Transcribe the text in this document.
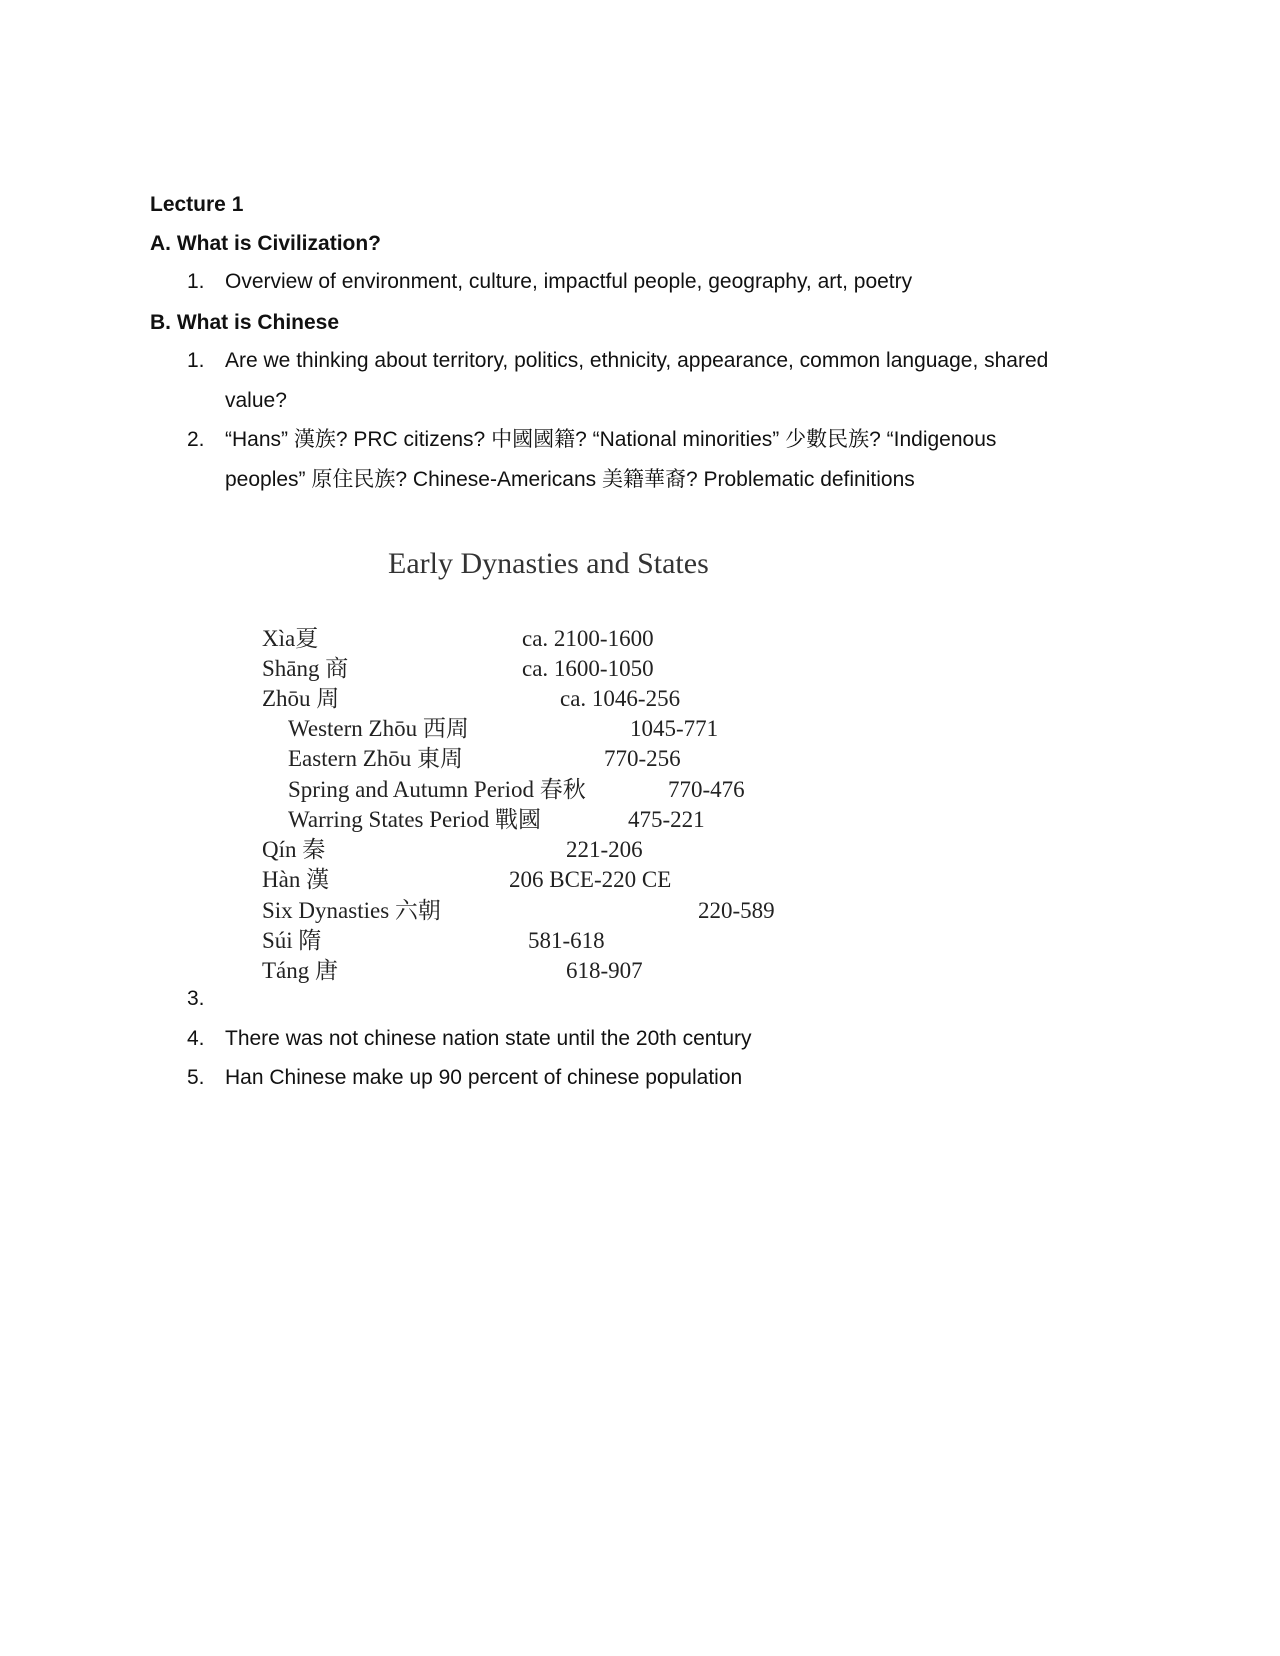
Lecture 1
A. What is Civilization?
1. Overview of environment, culture, impactful people, geography, art, poetry
B. What is Chinese
1. Are we thinking about territory, politics, ethnicity, appearance, common language, shared
value?
2. “Hans” 漢族? PRC citizens? 中國國籍? “National minorities” 少數民族? “Indigenous
peoples” 原住民族? Chinese-Americans 美籍華裔? Problematic definitions
Early Dynasties and States
Xìa夏	ca. 2100-1600
Shāng 商	ca. 1600-1050
Zhōu 周	ca. 1046-256
Western Zhōu 西周	1045-771
Eastern Zhōu 東周	770-256
Spring and Autumn Period 春秋	770-476
Warring States Period 戰國	475-221
Qín 秦	221-206
Hàn 漢	206 BCE-220 CE
Six Dynasties 六朝	220-589
Súi 隋	581-618
Táng 唐	618-907
3.
4. There was not chinese nation state until the 20th century
5. Han Chinese make up 90 percent of chinese population
